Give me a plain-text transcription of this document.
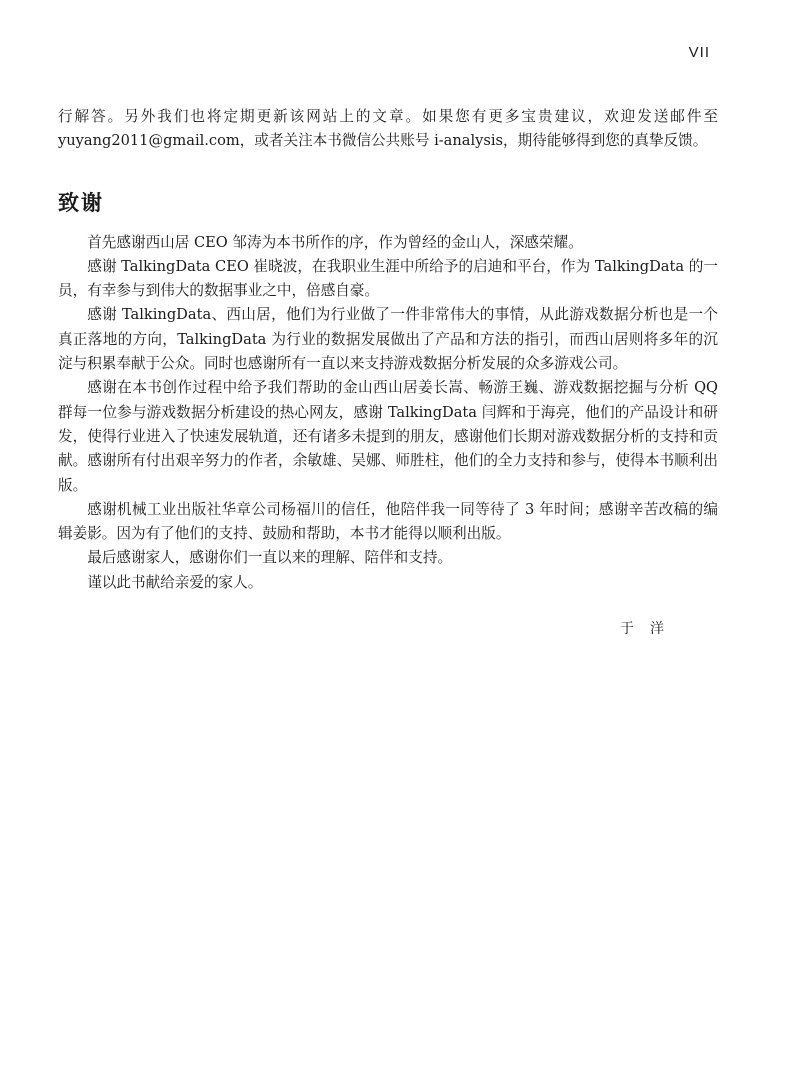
VII

行解答。另外我们也将定期更新该网站上的文章。如果您有更多宝贵建议，欢迎发送邮件至yuyang2011@gmail.com，或者关注本书微信公共账号 i-analysis，期待能够得到您的真挚反馈。

致谢

首先感谢西山居 CEO 邹涛为本书所作的序，作为曾经的金山人，深感荣耀。

感谢 TalkingData CEO 崔晓波，在我职业生涯中所给予的启迪和平台，作为 TalkingData 的一员，有幸参与到伟大的数据事业之中，倍感自豪。

感谢 TalkingData、西山居，他们为行业做了一件非常伟大的事情，从此游戏数据分析也是一个真正落地的方向，TalkingData 为行业的数据发展做出了产品和方法的指引，而西山居则将多年的沉淀与积累奉献于公众。同时也感谢所有一直以来支持游戏数据分析发展的众多游戏公司。

感谢在本书创作过程中给予我们帮助的金山西山居姜长嵩、畅游王巍、游戏数据挖掘与分析 QQ 群每一位参与游戏数据分析建设的热心网友，感谢 TalkingData 闫辉和于海亮，他们的产品设计和研发，使得行业进入了快速发展轨道，还有诸多未提到的朋友，感谢他们长期对游戏数据分析的支持和贡献。感谢所有付出艰辛努力的作者，余敏雄、吴娜、师胜柱，他们的全力支持和参与，使得本书顺利出版。

感谢机械工业出版社华章公司杨福川的信任，他陪伴我一同等待了 3 年时间；感谢辛苦改稿的编辑姜影。因为有了他们的支持、鼓励和帮助，本书才能得以顺利出版。

最后感谢家人，感谢你们一直以来的理解、陪伴和支持。

谨以此书献给亲爱的家人。

于洋
